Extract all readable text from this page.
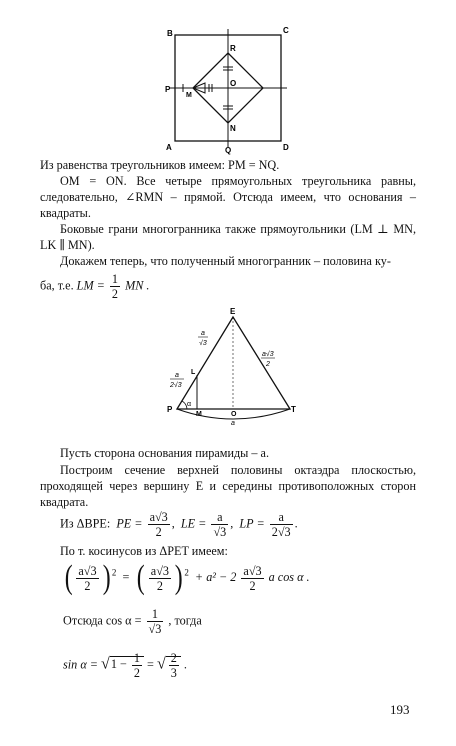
B	C
R
P
M
O
N
A	Q	D
Из равенства треугольников имеем: PM = NQ.
OM = ON. Все четыре прямоугольных треугольника равны, следовательно, ∠RMN – прямой. Отсюда имеем, что основания – квадраты.
Боковые грани многогранника также прямоугольники (LM ⊥ MN, LK ∥ MN).
Докажем теперь, что полученный многогранник – половина ку-
ба, т.е. LM = $\frac{1}{2}$ MN .
E
L
P
M	O
T
α
a
a
√3
a√3
2
a
2√3
Пусть сторона основания пирамиды – a.
Построим сечение верхней половины октаэдра плоскостью, проходящей через вершину E и середины противоположных сторон квадрата.
Из ΔBPE: PE = $\frac{a√3}{2}$ ,  LE = $\frac{a}{√3}$ ,  LP = $\frac{a}{2√3}$ .
По т. косинусов из ΔPET имеем:
( $\frac{a√3}{2}$ ) $^2$  =  ( $\frac{a√3}{2}$ ) $^2 + a^2 - 2 \frac{a√3}{2}$ a cos α .
Отсюда $\cos \alpha = \frac{1}{√3}$ , тогда
$\sin \alpha = √1 - \frac{1}{2}$ = √ $\frac{2}{3}$ .
193
